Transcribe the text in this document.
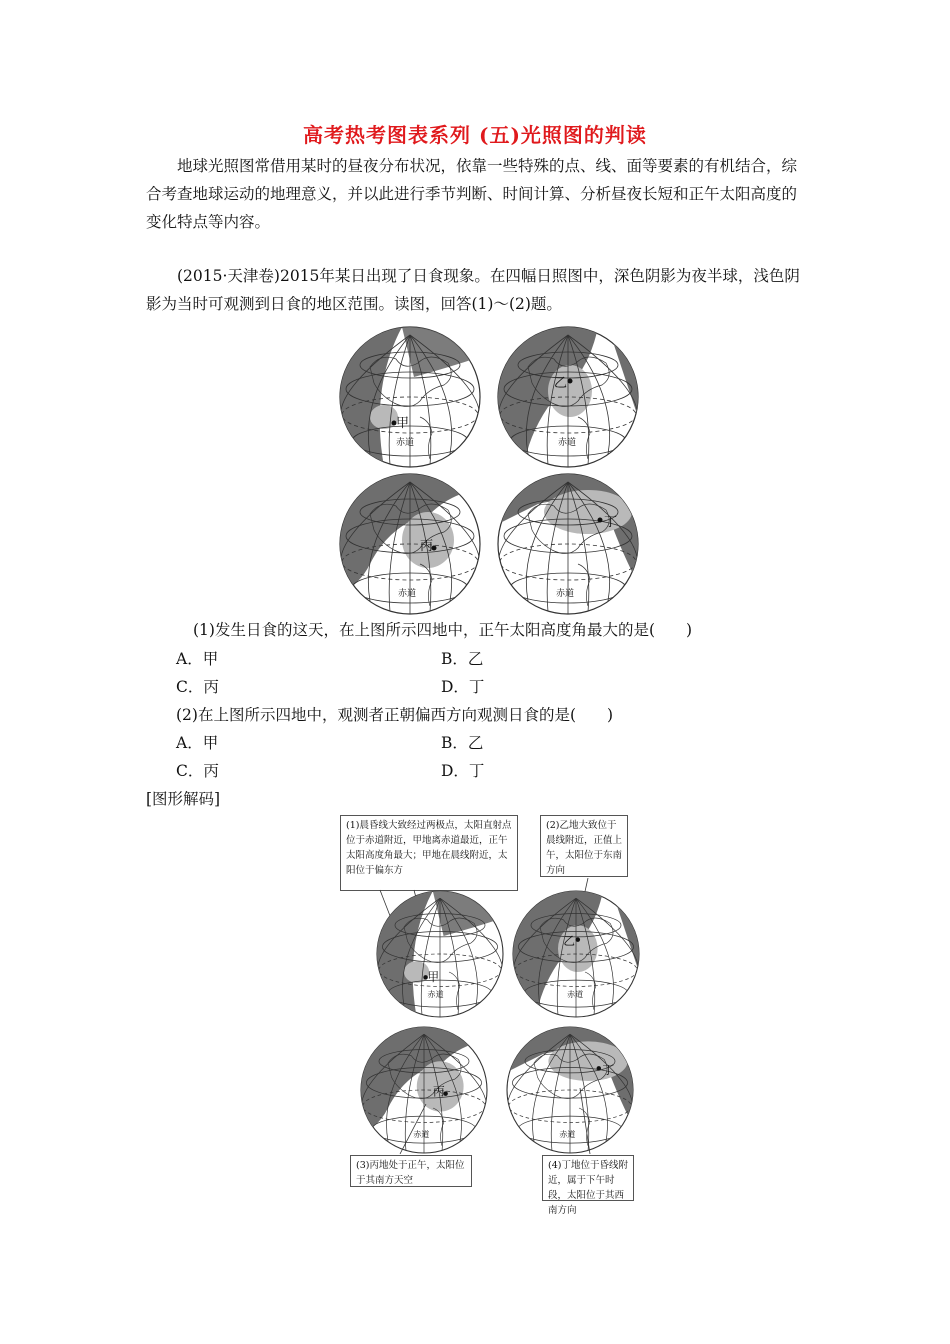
高考热考图表系列 (五)光照图的判读
地球光照图常借用某时的昼夜分布状况，依靠一些特殊的点、线、面等要素的有机结合，综合考查地球运动的地理意义，并以此进行季节判断、时间计算、分析昼夜长短和正午太阳高度的变化特点等内容。
(2015·天津卷)2015年某日出现了日食现象。在四幅日照图中，深色阴影为夜半球，浅色阴影为当时可观测到日食的地区范围。读图，回答(1)～(2)题。
甲
赤道
乙
赤道
丙
赤道
丁
赤道
(1)发生日食的这天，在上图所示四地中，正午太阳高度角最大的是(　　)
A．甲	B．乙
C．丙	D．丁
(2)在上图所示四地中，观测者正朝偏西方向观测日食的是(　　)
A．甲	B．乙
C．丙	D．丁
[图形解码]
(1)晨昏线大致经过两极点，太阳直射点位于赤道附近，甲地离赤道最近，正午太阳高度角最大；甲地在晨线附近，太阳位于偏东方
(2)乙地大致位于晨线附近，正值上午，太阳位于东南方向
甲
赤道
乙
赤道
丙
赤道
丁
赤道
(3)丙地处于正午，太阳位于其南方天空
(4)丁地位于昏线附近，属于下午时段，太阳位于其西南方向
